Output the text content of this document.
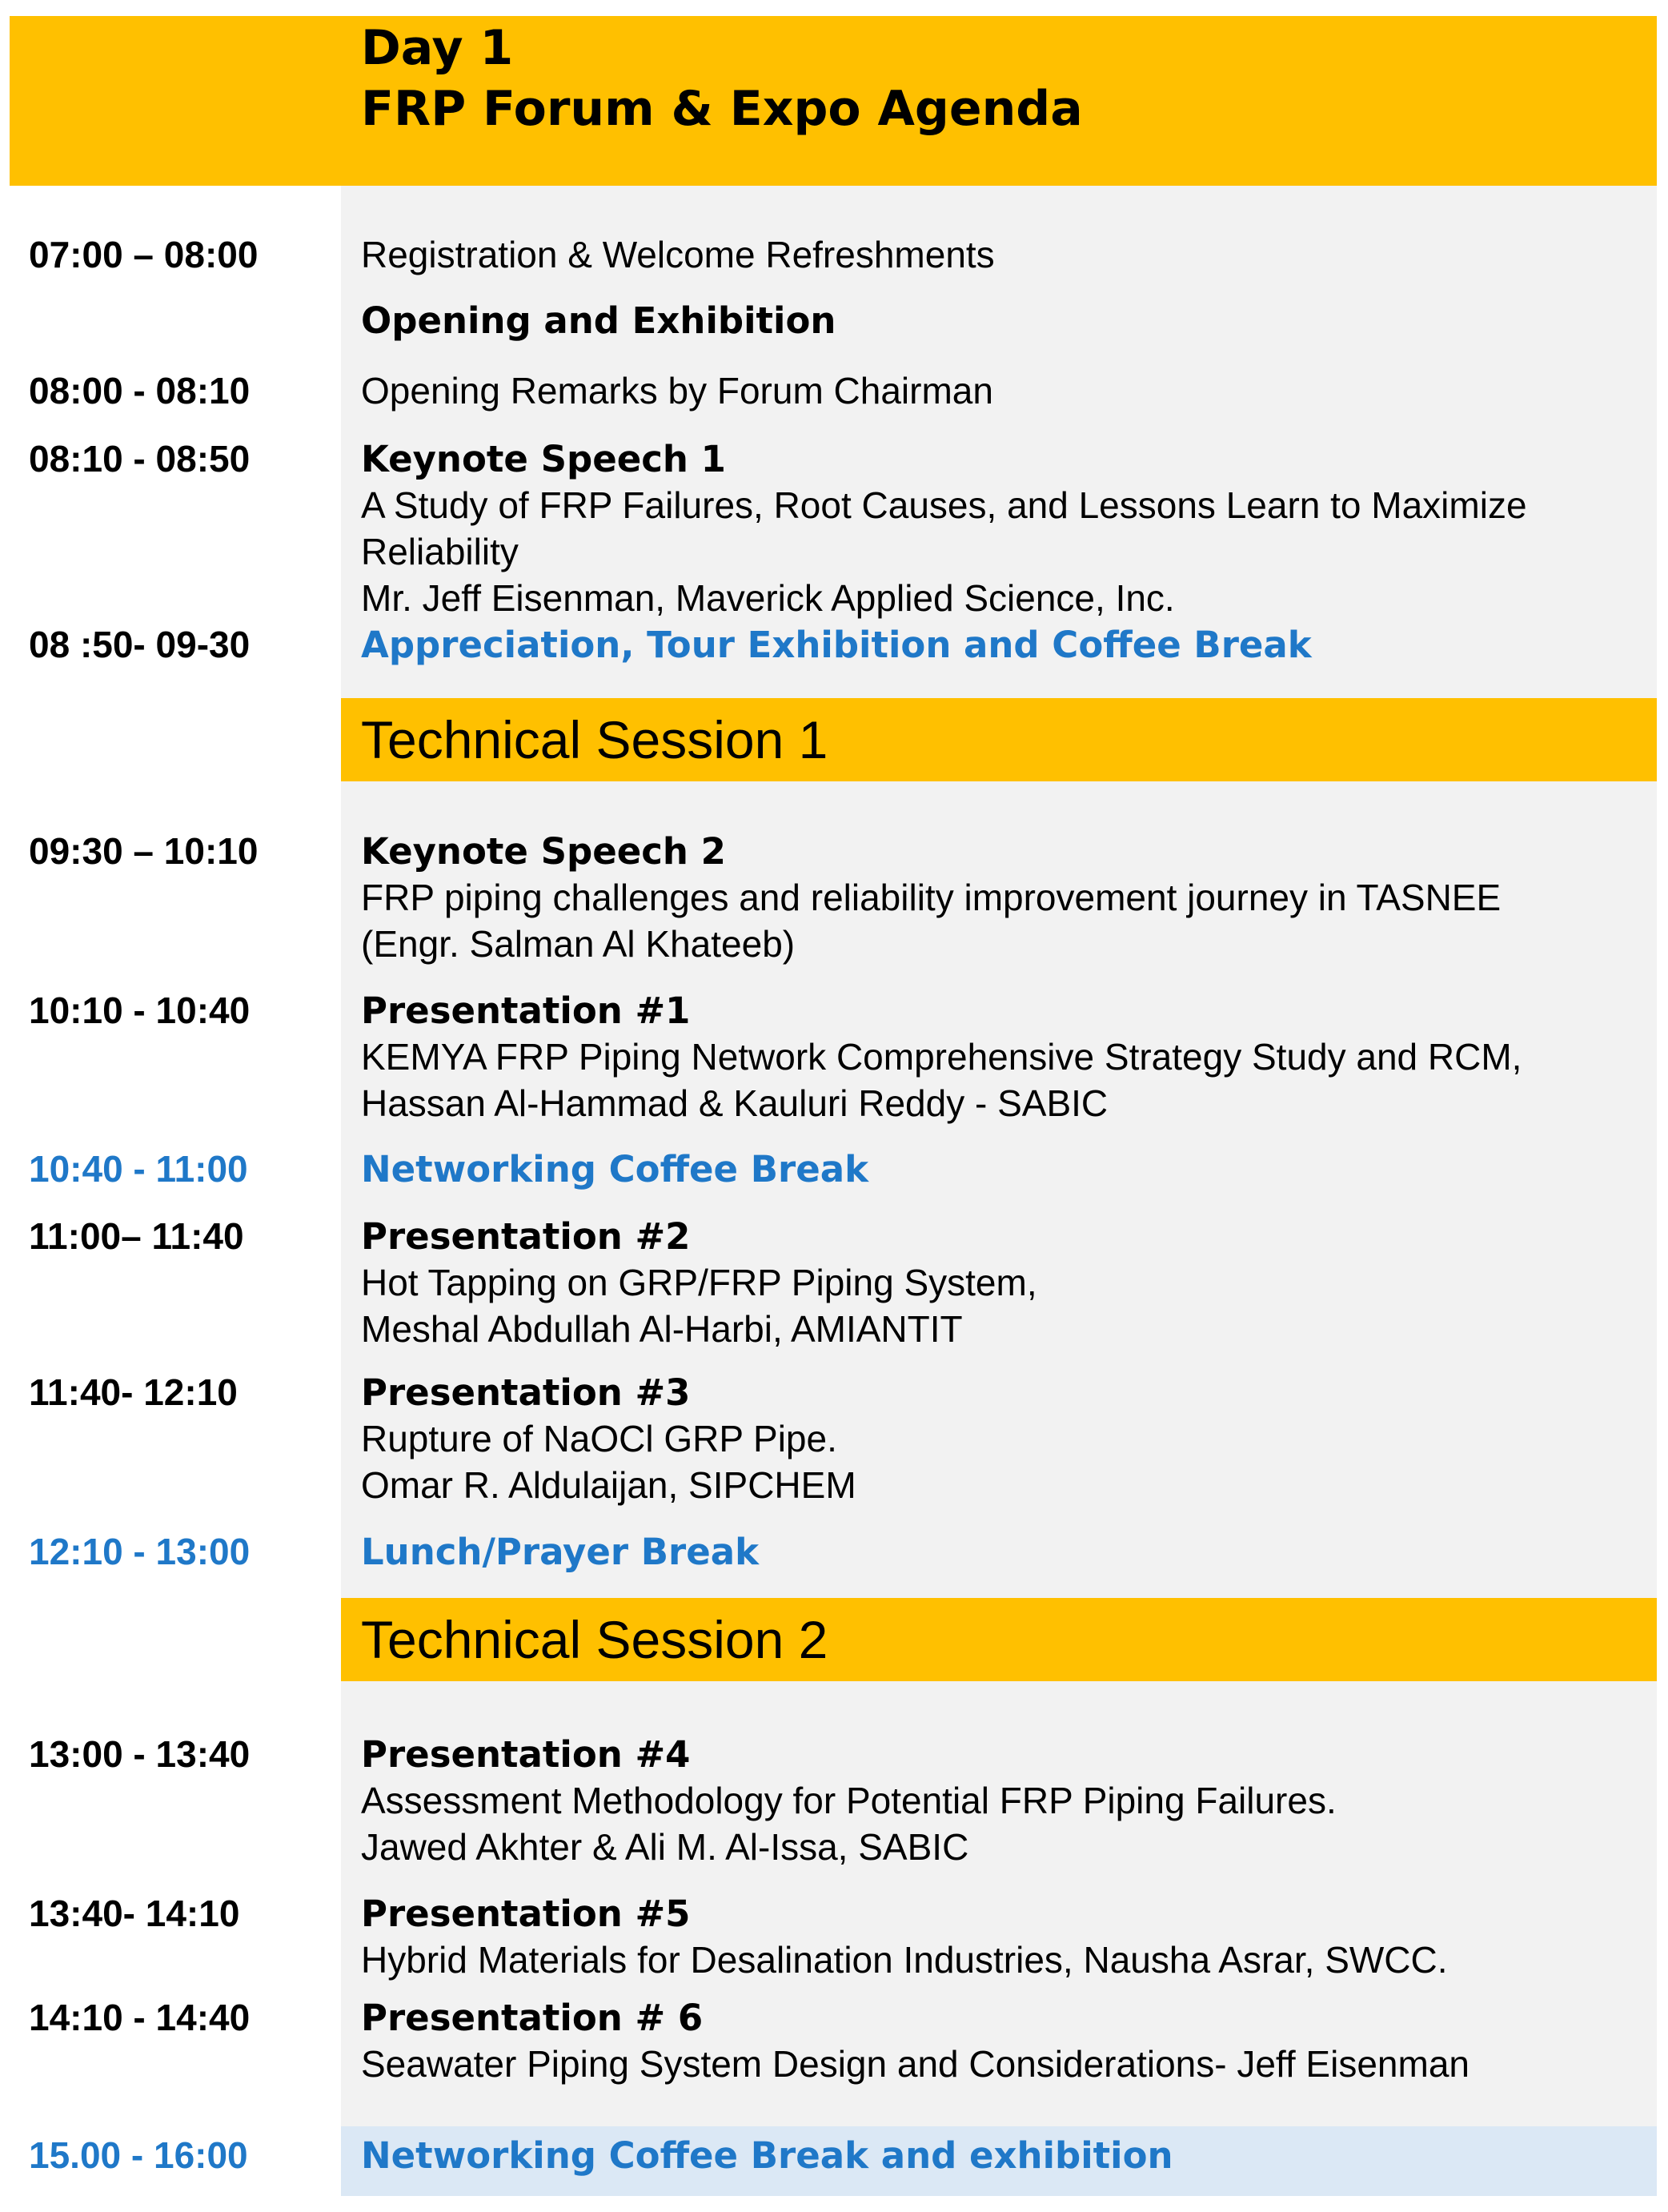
Day 1
FRP Forum & Expo Agenda
07:00 – 08:00	Registration & Welcome Refreshments
Opening and Exhibition
08:00 - 08:10	Opening Remarks by Forum Chairman
08:10 - 08:50	Keynote Speech 1
A Study of FRP Failures, Root Causes, and Lessons Learn to Maximize
Reliability
Mr. Jeff Eisenman, Maverick Applied Science, Inc.
08 :50- 09-30	Appreciation, Tour Exhibition and Coffee Break
Technical Session 1
09:30 – 10:10	Keynote Speech 2
FRP piping challenges and reliability improvement journey in TASNEE
(Engr. Salman Al Khateeb)
10:10 - 10:40	Presentation #1
KEMYA FRP Piping Network Comprehensive Strategy Study and RCM,
Hassan Al-Hammad & Kauluri Reddy - SABIC
10:40 - 11:00	Networking Coffee Break
11:00– 11:40	Presentation #2
Hot Tapping on GRP/FRP Piping System,
Meshal Abdullah Al-Harbi, AMIANTIT
11:40- 12:10	Presentation #3
Rupture of NaOCl GRP Pipe.
Omar R. Aldulaijan, SIPCHEM
12:10 - 13:00	Lunch/Prayer Break
Technical Session 2
13:00 - 13:40	Presentation #4
Assessment Methodology for Potential FRP Piping Failures.
Jawed Akhter & Ali M. Al-Issa, SABIC
13:40- 14:10	Presentation #5
Hybrid Materials for Desalination Industries, Nausha Asrar, SWCC.
14:10 - 14:40	Presentation # 6
Seawater Piping System Design and Considerations- Jeff Eisenman
15.00 - 16:00	Networking Coffee Break and exhibition
